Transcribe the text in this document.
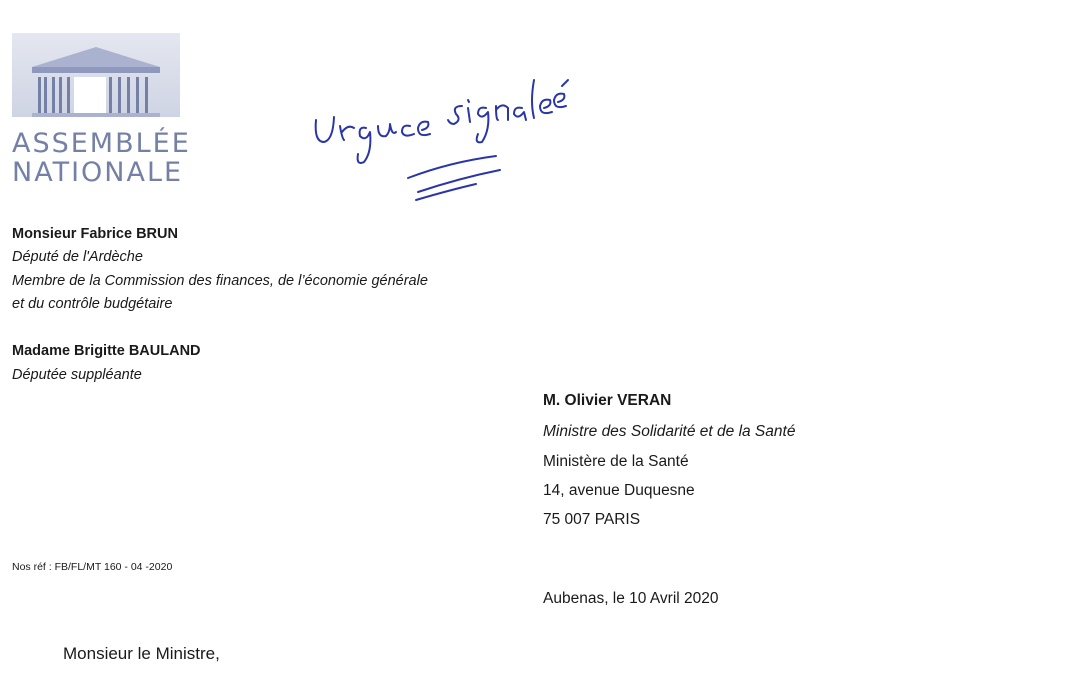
ASSEMBLÉE
NATIONALE
Monsieur Fabrice BRUN
Député de l'Ardèche
Membre de la Commission des finances, de l’économie générale
et du contrôle budgétaire
Madame Brigitte BAULAND
Députée suppléante
M. Olivier VERAN
Ministre des Solidarité et de la Santé
Ministère de la Santé
14, avenue Duquesne
75 007 PARIS
Nos réf : FB/FL/MT 160 - 04 -2020
Aubenas, le 10 Avril 2020
Monsieur le Ministre,
